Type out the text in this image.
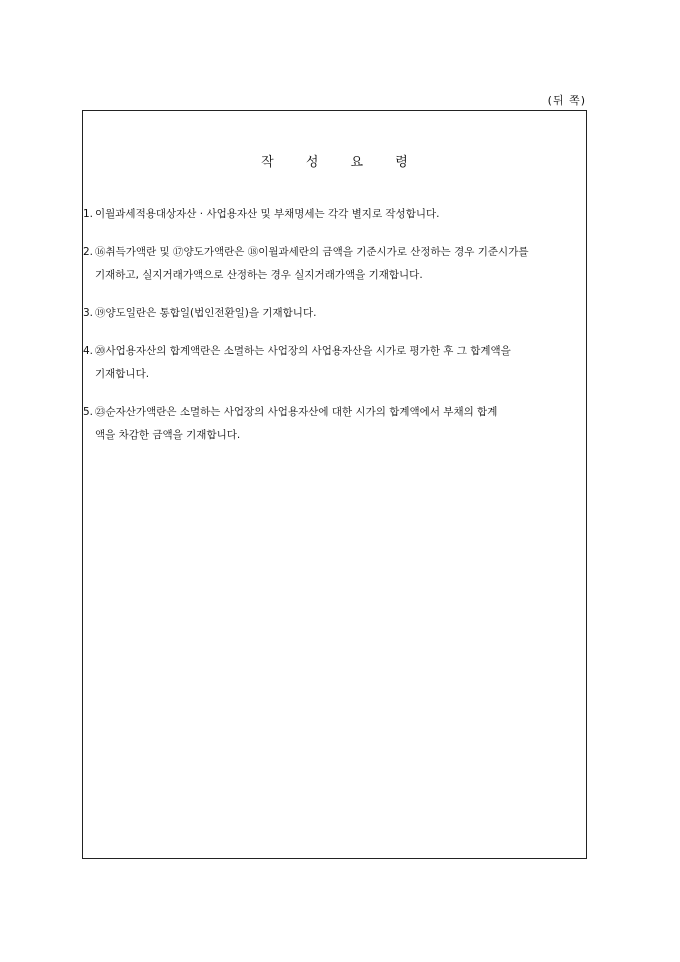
(뒤 쪽)
작 성 요 령
1. 이월과세적용대상자산 · 사업용자산 및 부채명세는 각각 별지로 작성합니다.
2. ⑯취득가액란 및 ⑰양도가액란은 ⑱이월과세란의 금액을 기준시가로 산정하는 경우 기준시가를
기재하고, 실지거래가액으로 산정하는 경우 실지거래가액을 기재합니다.
3. ⑲양도일란은 통합일(법인전환일)을 기재합니다.
4. ⑳사업용자산의 합계액란은 소멸하는 사업장의 사업용자산을 시가로 평가한 후 그 합계액을
기재합니다.
5. ㉓순자산가액란은 소멸하는 사업장의 사업용자산에 대한 시가의 합계액에서 부채의 합계
액을 차감한 금액을 기재합니다.
